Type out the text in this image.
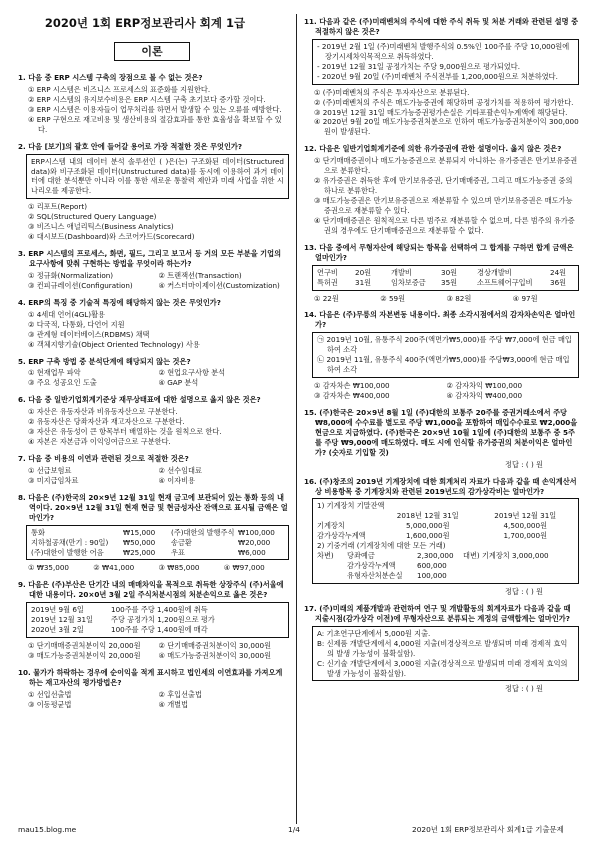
2020년 1회 ERP정보관리사 회계 1급
이론
1. 다음 중 ERP 시스템 구축의 장점으로 볼 수 없는 것은?
① ERP 시스템은 비즈니스 프로세스의 표준화를 지원한다.
② ERP 시스템의 유지보수비용은 ERP 시스템 구축 초기보다 증가할 것이다.
③ ERP 시스템은 이용자들이 업무처리를 하면서 발생할 수 있는 오류를 예방한다.
④ ERP 구현으로 재고비용 및 생산비용의 절감효과를 통한 효율성을 확보할 수 있다.
2. 다음 [보기]의 괄호 안에 들어갈 용어로 가장 적절한 것은 무엇인가?

ERP시스템 내의 데이터 분석 솔루션인 ( )은(는) 구조화된 데이터(Structured data)와 비구조화된 데이터(Unstructured data)를 동시에 이용하여 과거 데이터에 대한 분석뿐만 아니라 이를 통한 새로운 통찰력 제안과 미래 사업을 위한 시나리오를 제공한다.

① 리포트(Report)
② SQL(Structured Query Language)
③ 비즈니스 애널리틱스(Business Analytics)
④ 대시보드(Dashboard)와 스코어카드(Scorecard)
3. ERP 시스템의 프로세스, 화면, 필드, 그리고 보고서 등 거의 모든 부분을 기업의 요구사항에 맞춰 구현하는 방법을 무엇이라 하는가?
① 정규화(Normalization)	② 트랜잭션(Transaction)
③ 컨피규레이션(Configuration)	④ 커스터마이제이션(Customization)
4. ERP의 특징 중 기술적 특징에 해당하지 않는 것은 무엇인가?
① 4세대 언어(4GL)활용
② 다국적, 다통화, 다언어 지원
③ 관계형 데이터베이스(RDBMS) 채택
④ 객체지향기술(Object Oriented Technology) 사용
5. ERP 구축 방법 중 분석단계에 해당되지 않는 것은?
① 현재업무 파악	② 현업요구사항 분석
③ 주요 성공요인 도출	④ GAP 분석
6. 다음 중 일반기업회계기준상 재무상태표에 대한 설명으로 옳지 않은 것은?
① 자산은 유동자산과 비유동자산으로 구분한다.
② 유동자산은 당좌자산과 재고자산으로 구분한다.
③ 자산은 유동성이 큰 항목부터 배열하는 것을 원칙으로 한다.
④ 자본은 자본금과 이익잉여금으로 구분한다.
7. 다음 중 비용의 이연과 관련된 것으로 적절한 것은?
① 선급보험료	② 선수임대료
③ 미지급임차료	④ 이자비용
8. 다음은 (주)한국의 20×9년 12월 31일 현재 금고에 보관되어 있는 통화 등의 내역이다. 20×9년 12월 31일 현재 현금 및 현금성자산 잔액으로 표시될 금액은 얼마인가?
통화	₩15,000	(주)대한의 발행주식 ₩100,000
지하철공채(만기 : 90일)	₩50,000	송금환	₩20,000
(주)대한이 발행한 어음	₩25,000	우표	₩6,000
① ₩35,000	② ₩41,000	③ ₩85,000	④ ₩97,000
9. 다음은 (주)부산은 단기간 내의 매매차익을 목적으로 취득한 상장주식 (주)서울에 대한 내용이다. 20×0년 3월 2일 주식처분시점의 처분손익으로 옳은 것은?
2019년 9월 6일	100주를 주당 1,400원에 취득
2019년 12월 31일	주당 공정가치 1,200원으로 평가
2020년 3월 2일	100주를 주당 1,400원에 매각
① 단기매매증권처분이익 20,000원	② 단기매매증권처분이익 30,000원
③ 매도가능증권처분이익 20,000원	④ 매도가능증권처분이익 30,000원
10. 물가가 하락하는 경우에 순이익을 적게 표시하고 법인세의 이연효과를 가져오게 하는 재고자산의 평가방법은?
① 선입선출법	② 후입선출법
③ 이동평균법	④ 개별법
11. 다음과 같은 (주)미래벤처의 주식에 대한 주식 취득 및 처분 거래와 관련된 설명 중 적절하지 않은 것은?

- 2019년 2월 1일 (주)미래벤처 발행주식의 0.5%인 100주를 주당 10,000원에 장기시세차익목적으로 취득하였다.

- 2019년 12월 31일 공정가치는 주당 9,000원으로 평가되었다.

- 2020년 9월 20일 (주)미래벤처 주식전부를 1,200,000원으로 처분하였다.

① (주)미래벤처의 주식은 투자자산으로 분류된다.
② (주)미래벤처의 주식은 매도가능증권에 해당하며 공정가치를 적용하여 평가한다.
③ 2019년 12월 31일 매도가능증권평가손실은 기타포괄손익누계액에 해당된다.
④ 2020년 9월 20일 매도가능증권처분으로 인하여 매도가능증권처분이익 300,000원이 발생된다.
12. 다음은 일반기업회계기준에 의한 유가증권에 관한 설명이다. 옳지 않은 것은?
① 단기매매증권이나 매도가능증권으로 분류되지 아니하는 유가증권은 만기보유증권으로 분류한다.
② 유가증권은 취득한 후에 만기보유증권, 단기매매증권, 그리고 매도가능증권 중의 하나로 분류한다.
③ 매도가능증권은 만기보유증권으로 재분류할 수 있으며 만기보유증권은 매도가능증권으로 재분류할 수 있다.
④ 단기매매증권은 원칙적으로 다른 범주로 재분류할 수 없으며, 다른 범주의 유가증권의 경우에도 단기매매증권으로 재분류할 수 없다.
13. 다음 중에서 무형자산에 해당되는 항목을 선택하여 그 합계를 구하면 합계 금액은 얼마인가?
연구비	20원	개발비	30원	경상개발비	24원
특허권	31원	임차보증금	35원	소프트웨어구입비	36원
① 22원	② 59원	③ 82원	④ 97원
14. 다음은 (주)무릉의 자본변동 내용이다. 최종 소각시점에서의 감자차손익은 얼마인가?

㉠ 2019년 10월, 유통주식 200주(액면가₩5,000)를 주당 ₩7,000에 현금 매입하여 소각

㉡ 2019년 11월, 유통주식 400주(액면가₩5,000)를 주당₩3,000에 현금 매입하여 소각

① 감자차손 ₩100,000	② 감자차익 ₩100,000
③ 감자차손 ₩400,000	④ 감자차익 ₩400,000
15. (주)한국은 20×9년 8월 1일 (주)대한의 보통주 20주를 증권거래소에서 주당 ₩8,000에 수수료를 별도로 주당 ₩1,000을 포함하여 매입수수료로 ₩2,000을 현금으로 지급하였다. (주)한국은 20×9년 10월 1일에 (주)대한의 보통주 중 5주를 주당 ₩9,000에 매도하였다. 매도 시에 인식할 유가증권의 처분이익은 얼마인가? (숫자로 기입할 것)
정답 : ( ) 원
16. (주)창조의 2019년 기계장치에 대한 회계처리 자료가 다음과 같을 때 손익계산서상 비용항목 중 기계장치와 관련된 2019년도의 감가상각비는 얼마인가?

1) 기계장치 기말잔액

2018년 12월 31일	2019년 12월 31일
기계장치	5,000,000원	4,500,000원
감가상각누계액	1,600,000원	1,700,000원

2) 기중거래 (기계장치에 대한 모든 거래)

차변)	당좌예금	2,300,000	대변) 기계장치 3,000,000
감가상각누계액	600,000
유형자산처분손실	100,000
정답 : ( ) 원
17. (주)미래의 제품개발과 관련하여 연구 및 개발활동의 회계자료가 다음과 같을 때 지출시점(감가상각 이전)에 무형자산으로 분류되는 계정의 금액합계는 얼마인가?

A: 기초연구단계에서 5,000원 지출.

B: 신제품 개발단계에서 4,000원 지출(비경상적으로 발생되며 미래 경제적 효익의 발생 가능성이 불확실함).

C: 신기술 개발단계에서 3,000원 지출(경상적으로 발생되며 미래 경제적 효익의 발생 가능성이 불확실함).

정답 : ( ) 원
mau15.blog.me	1/4	2020년 1회 ERP정보관리사 회계1급 기출문제
